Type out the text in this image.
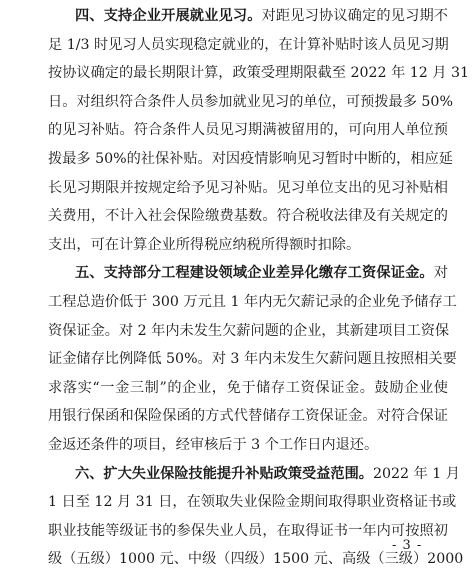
四、支持企业开展就业见习。对距见习协议确定的见习期不
足 1/3 时见习人员实现稳定就业的，在计算补贴时该人员见习期
按协议确定的最长期限计算，政策受理期限截至 2022 年 12 月 31
日。对组织符合条件人员参加就业见习的单位，可预拨最多 50%
的见习补贴。符合条件人员见习期满被留用的，可向用人单位预
拨最多 50%的社保补贴。对因疫情影响见习暂时中断的，相应延
长见习期限并按规定给予见习补贴。见习单位支出的见习补贴相
关费用，不计入社会保险缴费基数。符合税收法律及有关规定的
支出，可在计算企业所得税应纳税所得额时扣除。
五、支持部分工程建设领域企业差异化缴存工资保证金。对
工程总造价低于 300 万元且 1 年内无欠薪记录的企业免予储存工
资保证金。对 2 年内未发生欠薪问题的企业，其新建项目工资保
证金储存比例降低 50%。对 3 年内未发生欠薪问题且按照相关要
求落实“一金三制”的企业，免于储存工资保证金。鼓励企业使
用银行保函和保险保函的方式代替储存工资保证金。对符合保证
金返还条件的项目，经审核后于 3 个工作日内退还。
六、扩大失业保险技能提升补贴政策受益范围。2022 年 1 月
1 日至 12 月 31 日，在领取失业保险金期间取得职业资格证书或
职业技能等级证书的参保失业人员，在取得证书一年内可按照初
级（五级）1000 元、中级（四级）1500 元、高级（三级）2000
- 3 -
